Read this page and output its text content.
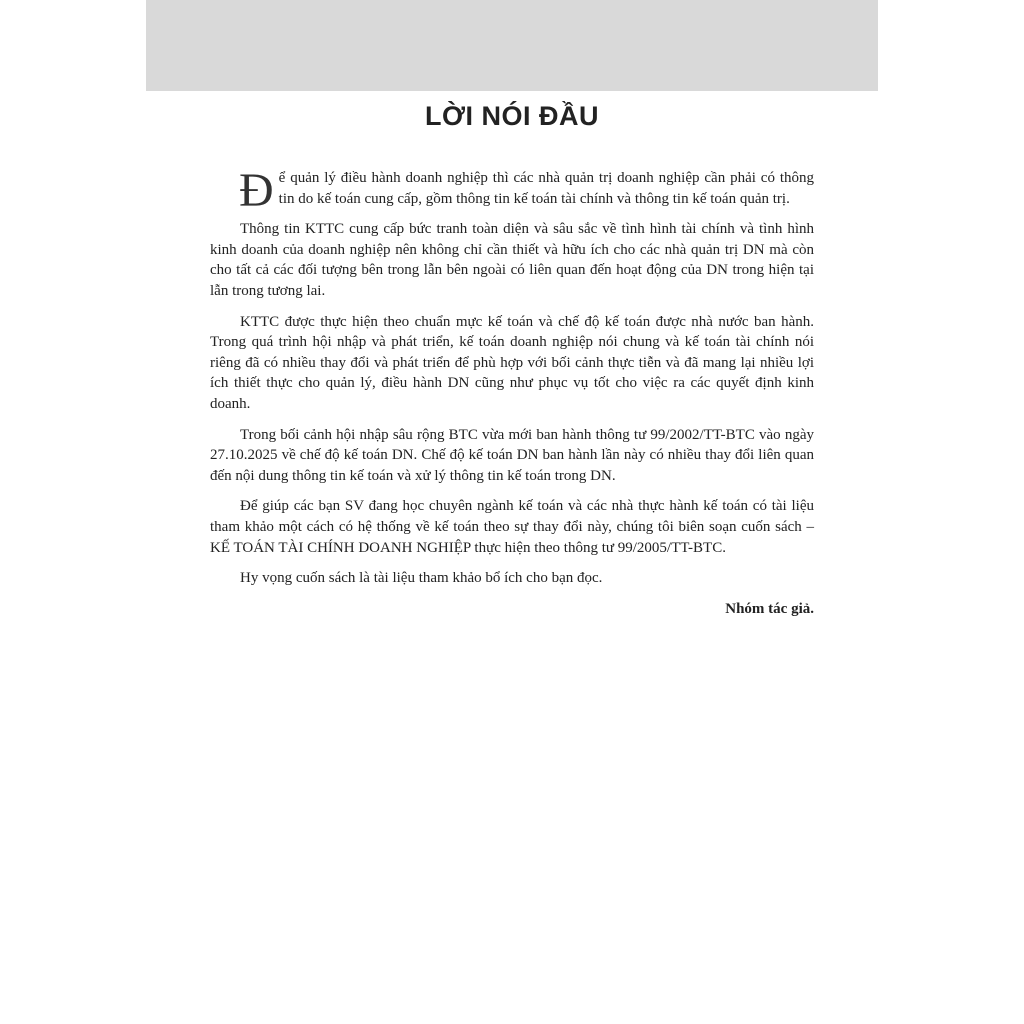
LỜI NÓI ĐẦU

Để quản lý điều hành doanh nghiệp thì các nhà quản trị doanh nghiệp cần phải có thông tin do kế toán cung cấp, gồm thông tin kế toán tài chính và thông tin kế toán quản trị.

Thông tin KTTC cung cấp bức tranh toàn diện và sâu sắc về tình hình tài chính và tình hình kinh doanh của doanh nghiệp nên không chỉ cần thiết và hữu ích cho các nhà quản trị DN mà còn cho tất cả các đối tượng bên trong lẫn bên ngoài có liên quan đến hoạt động của DN trong hiện tại lẫn trong tương lai.

KTTC được thực hiện theo chuẩn mực kế toán và chế độ kế toán được nhà nước ban hành. Trong quá trình hội nhập và phát triển, kế toán doanh nghiệp nói chung và kế toán tài chính nói riêng đã có nhiều thay đổi và phát triển để phù hợp với bối cảnh thực tiễn và đã mang lại nhiều lợi ích thiết thực cho quản lý, điều hành DN cũng như phục vụ tốt cho việc ra các quyết định kinh doanh.

Trong bối cảnh hội nhập sâu rộng BTC vừa mới ban hành thông tư 99/2002/TT-BTC vào ngày 27.10.2025 về chế độ kế toán DN. Chế độ kế toán DN ban hành lần này có nhiều thay đổi liên quan đến nội dung thông tin kế toán và xử lý thông tin kế toán trong DN.

Để giúp các bạn SV đang học chuyên ngành kế toán và các nhà thực hành kế toán có tài liệu tham khảo một cách có hệ thống về kế toán theo sự thay đổi này, chúng tôi biên soạn cuốn sách – KẾ TOÁN TÀI CHÍNH DOANH NGHIỆP thực hiện theo thông tư 99/2005/TT-BTC.

Hy vọng cuốn sách là tài liệu tham khảo bổ ích cho bạn đọc.

Nhóm tác giả.
